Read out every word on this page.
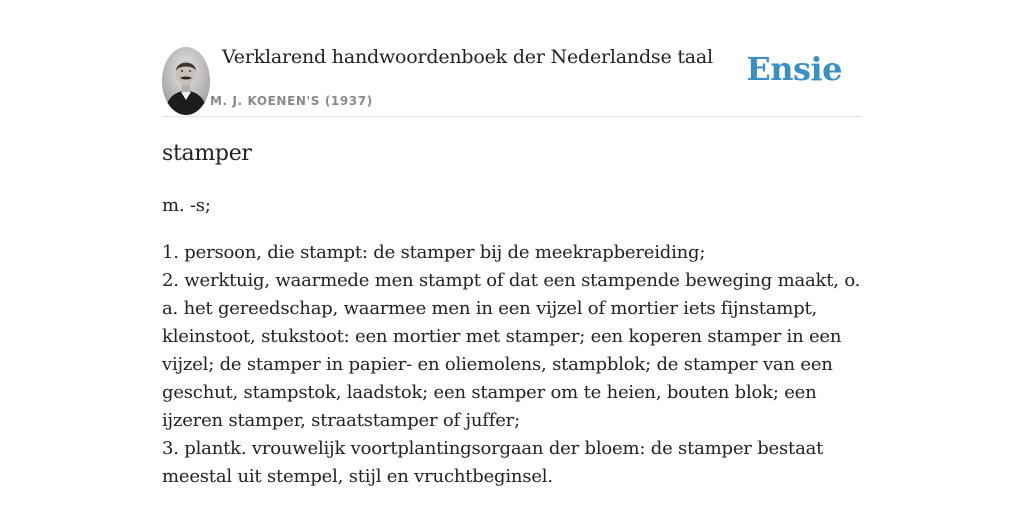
Verklarend handwoordenboek der Nederlandse taal
M. J. KOENEN'S (1937)
Ensie
stamper
m. -s;

1. persoon, die stampt: de stamper bij de meekrapbereiding;

2. werktuig, waarmede men stampt of dat een stampende beweging maakt, o. a. het gereedschap, waarmee men in een vijzel of mortier iets fijnstampt, kleinstoot, stukstoot: een mortier met stamper; een koperen stamper in een vijzel; de stamper in papier- en oliemolens, stampblok; de stamper van een geschut, stampstok, laadstok; een stamper om te heien, bouten blok; een ijzeren stamper, straatstamper of juffer;

3. plantk. vrouwelijk voortplantingsorgaan der bloem: de stamper bestaat meestal uit stempel, stijl en vruchtbeginsel.
